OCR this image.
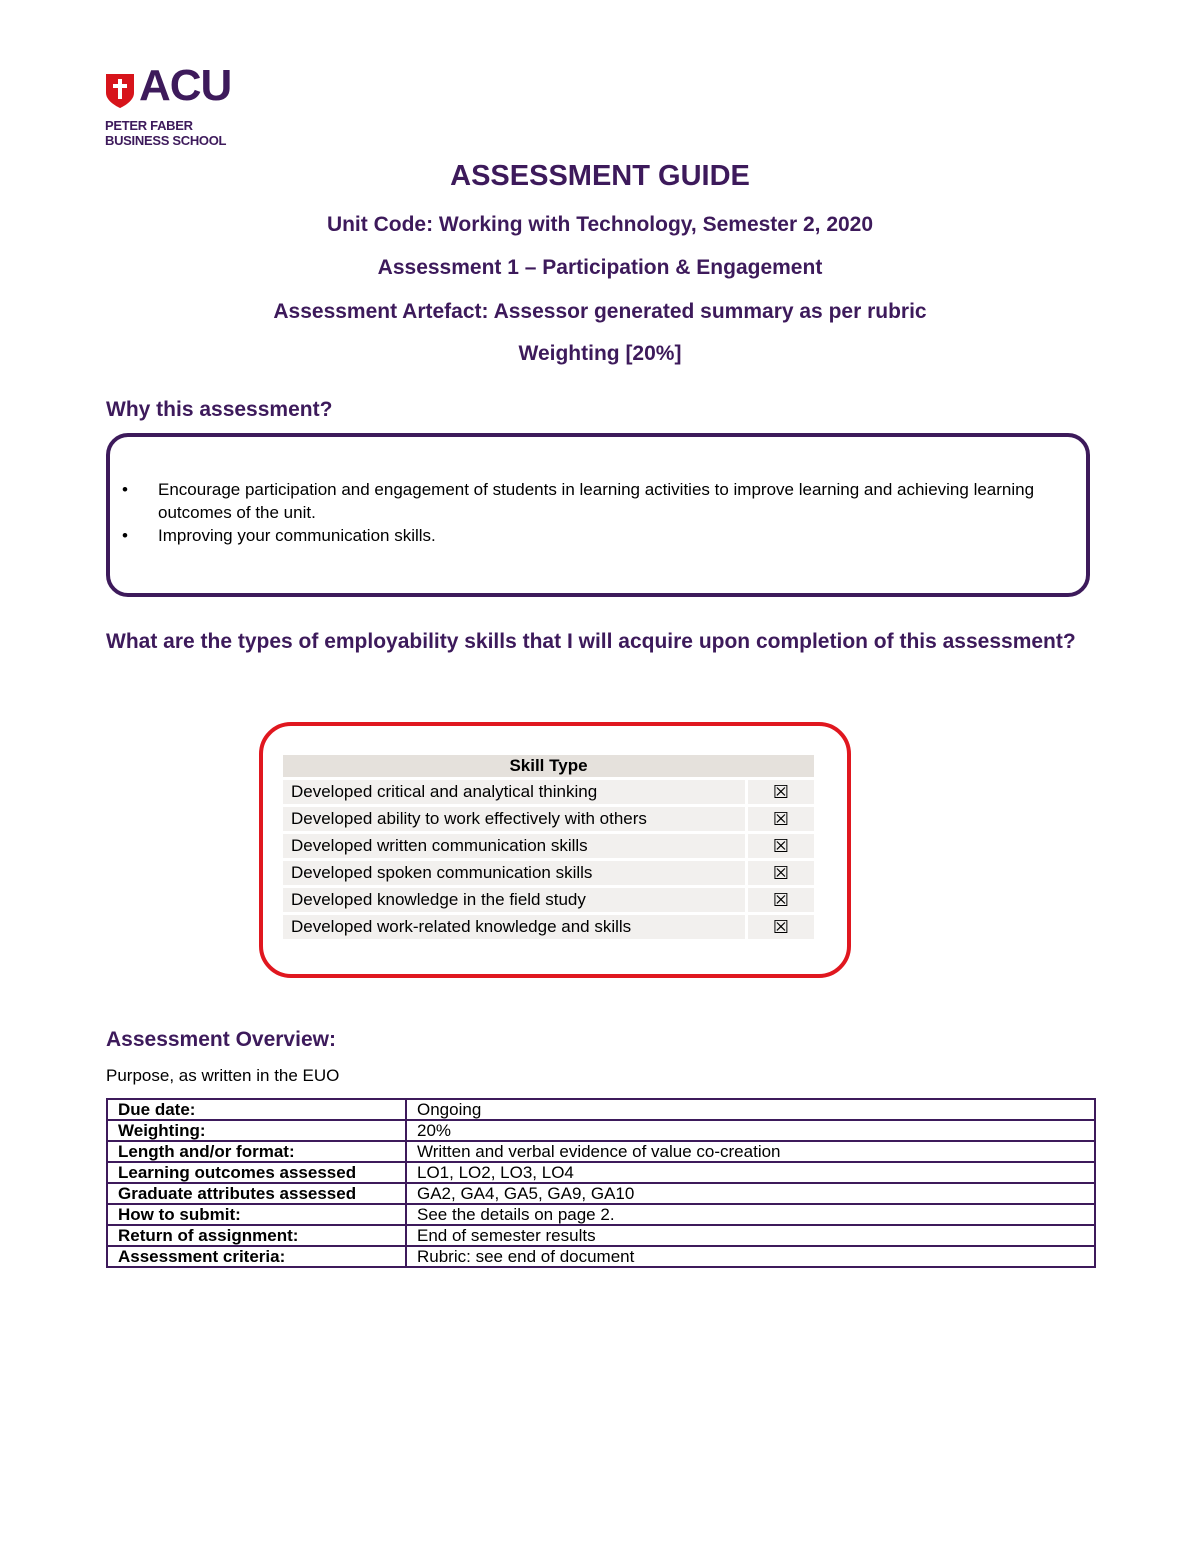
ACU
PETER FABER
BUSINESS SCHOOL
ASSESSMENT GUIDE
Unit Code: Working with Technology, Semester 2, 2020
Assessment 1 – Participation & Engagement
Assessment Artefact: Assessor generated summary as per rubric
Weighting [20%]
Why this assessment?
• Encourage participation and engagement of students in learning activities to improve learning and achieving learning outcomes of the unit.
• Improving your communication skills.
What are the types of employability skills that I will acquire upon completion of this assessment?
Skill Type	
Developed critical and analytical thinking	☒
Developed ability to work effectively with others	☒
Developed written communication skills	☒
Developed spoken communication skills	☒
Developed knowledge in the field study	☒
Developed work-related knowledge and skills	☒
Assessment Overview:
Purpose, as written in the EUO
Due date:	Ongoing
Weighting:	20%
Length and/or format:	Written and verbal evidence of value co-creation
Learning outcomes assessed	LO1, LO2, LO3, LO4
Graduate attributes assessed	GA2, GA4, GA5, GA9, GA10
How to submit:	See the details on page 2.
Return of assignment:	End of semester results
Assessment criteria:	Rubric: see end of document
